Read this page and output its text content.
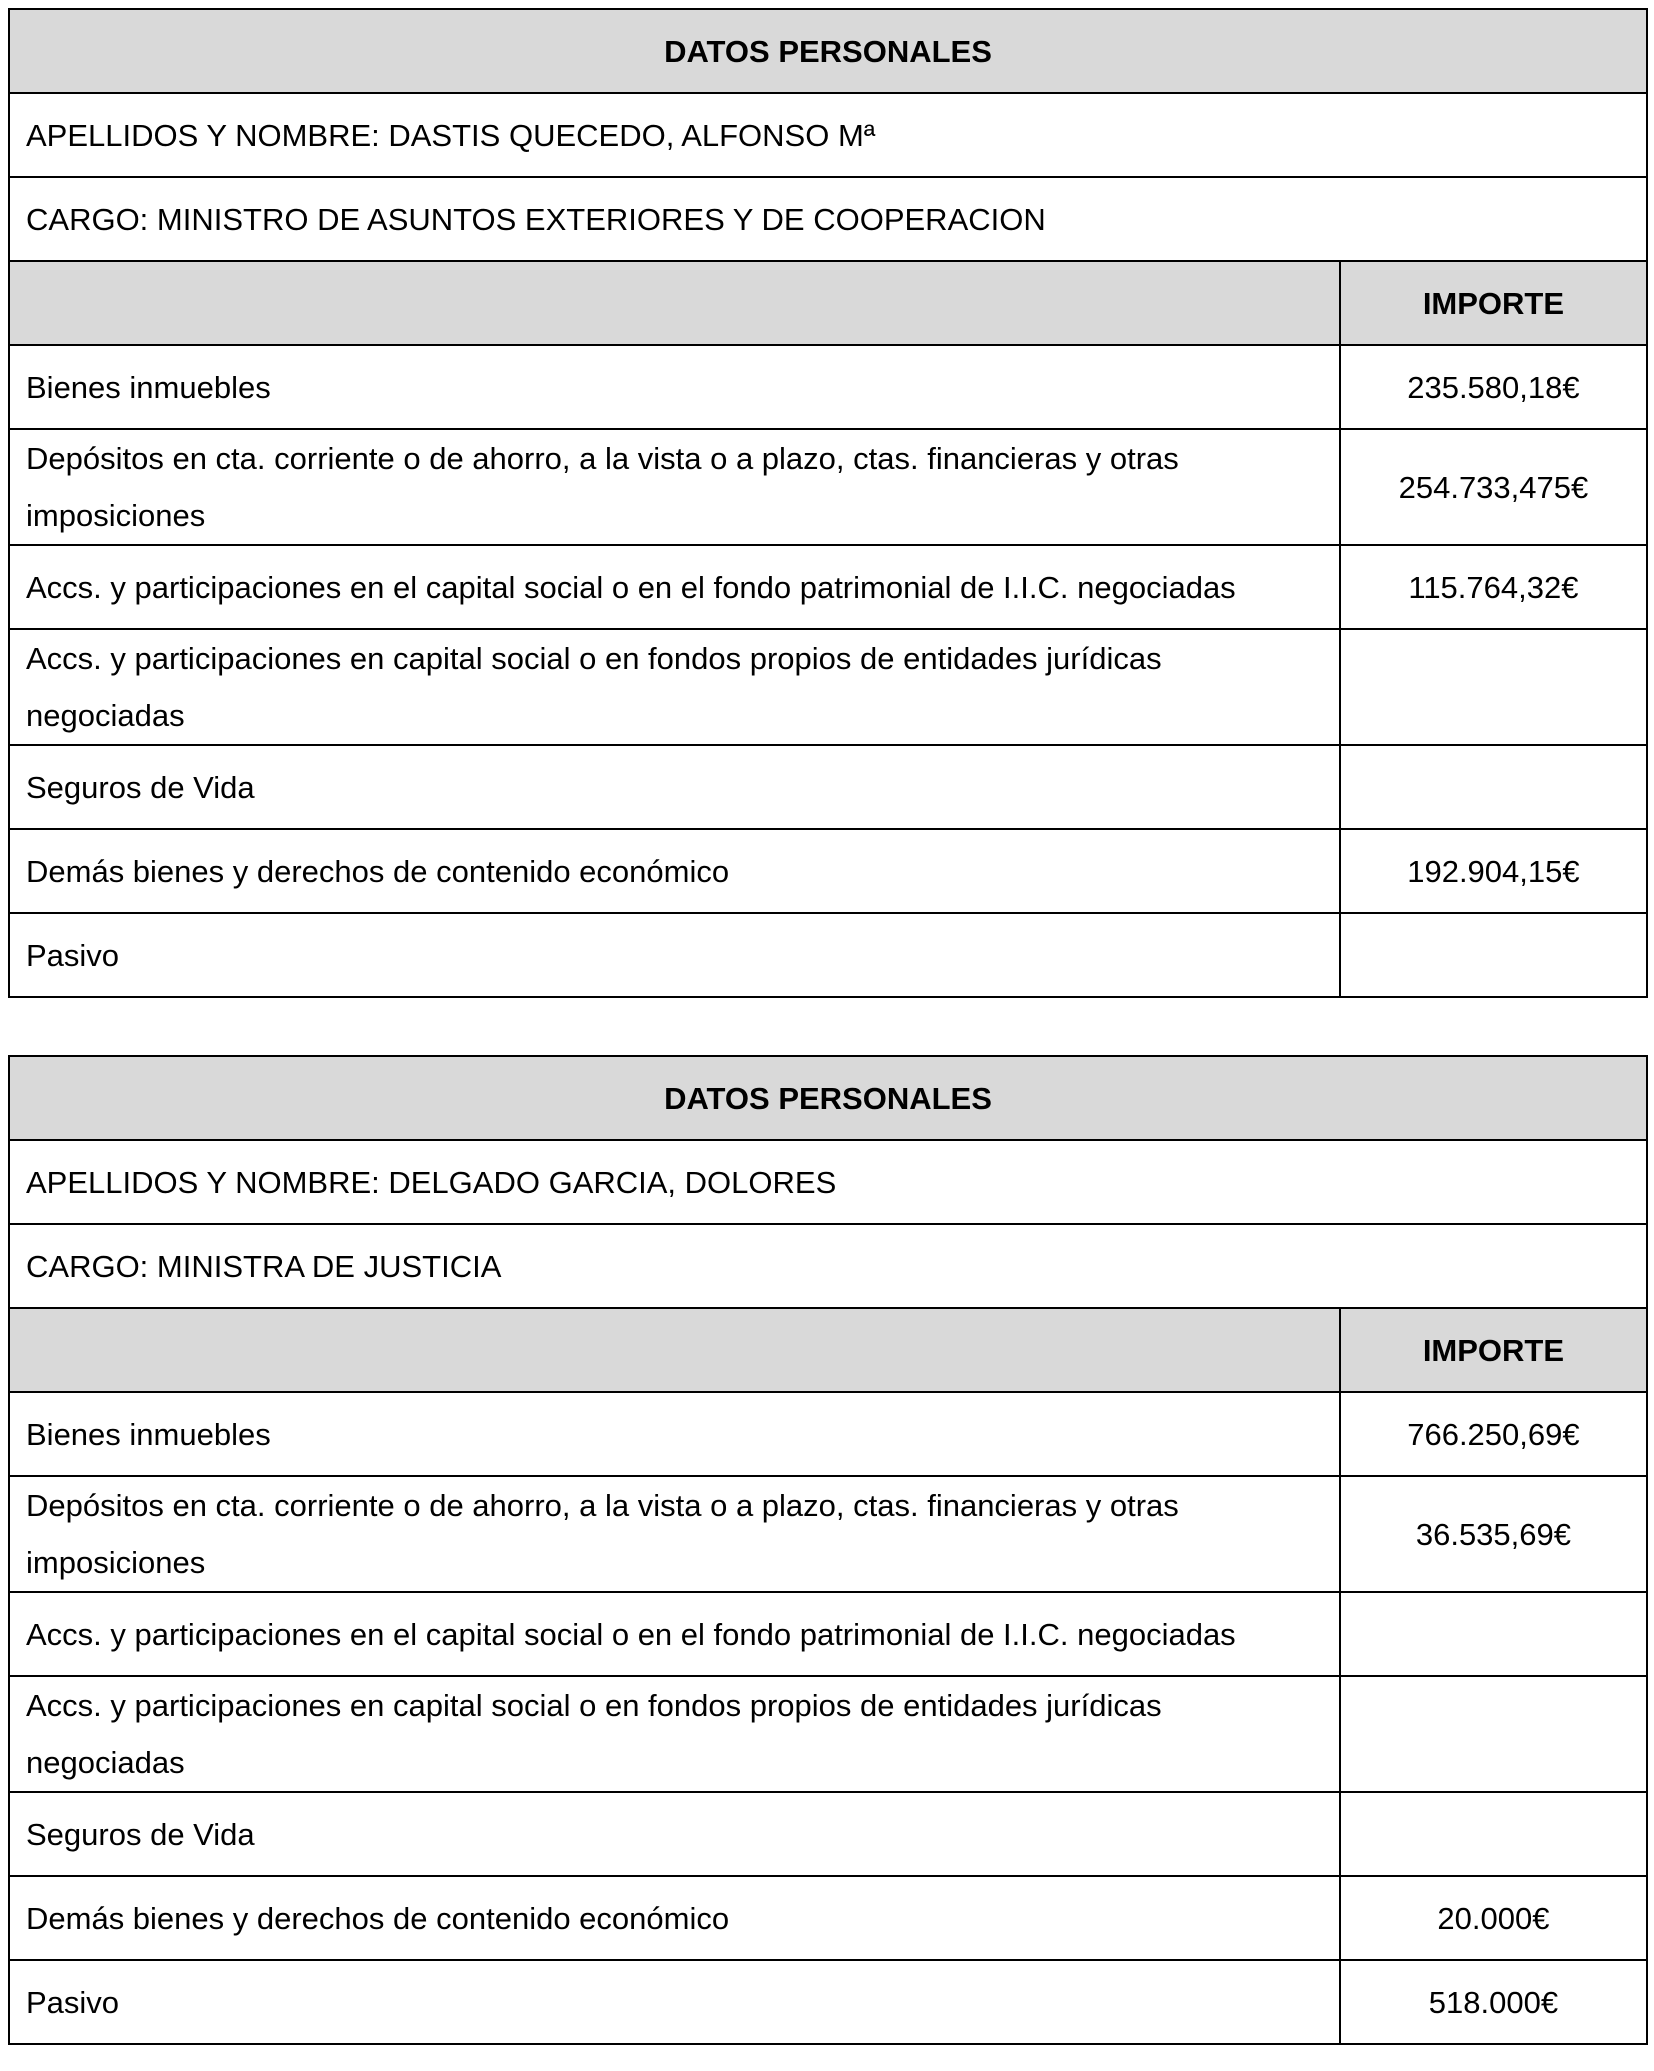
DATOS PERSONALES	
APELLIDOS Y NOMBRE: DASTIS QUECEDO, ALFONSO Mª	
CARGO: MINISTRO DE ASUNTOS EXTERIORES Y DE COOPERACION	
	IMPORTE
Bienes inmuebles	235.580,18€
Depósitos en cta. corriente o de ahorro, a la vista o a plazo, ctas. financieras y otras imposiciones	254.733,475€
Accs. y participaciones en el capital social o en el fondo patrimonial de I.I.C. negociadas	115.764,32€
Accs. y participaciones en capital social o en fondos propios de entidades jurídicas negociadas	
Seguros de Vida	
Demás bienes y derechos de contenido económico	192.904,15€
Pasivo	
DATOS PERSONALES	
APELLIDOS Y NOMBRE: DELGADO GARCIA, DOLORES	
CARGO: MINISTRA DE JUSTICIA	
	IMPORTE
Bienes inmuebles	766.250,69€
Depósitos en cta. corriente o de ahorro, a la vista o a plazo, ctas. financieras y otras imposiciones	36.535,69€
Accs. y participaciones en el capital social o en el fondo patrimonial de I.I.C. negociadas	
Accs. y participaciones en capital social o en fondos propios de entidades jurídicas negociadas	
Seguros de Vida	
Demás bienes y derechos de contenido económico	20.000€
Pasivo	518.000€
